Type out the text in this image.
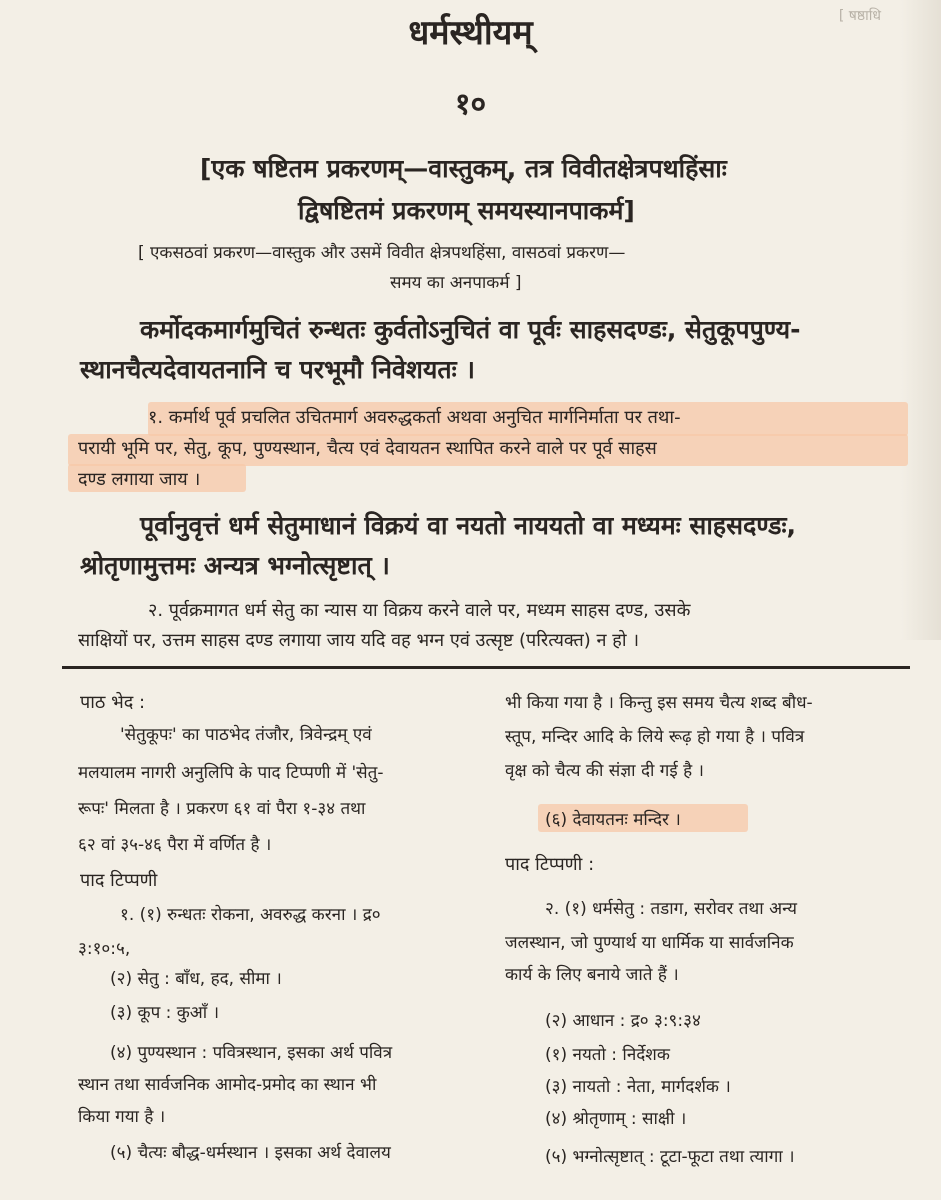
[ षष्ठाधि
धर्मस्थीयम्
१०
[एक षष्टितम प्रकरणम्—वास्तुकम्, तत्र विवीतक्षेत्रपथहिंसाः
द्विषष्टितमं प्रकरणम् समयस्यानपाकर्म]
[ एकसठवां प्रकरण—वास्तुक और उसमें विवीत क्षेत्रपथहिंसा, वासठवां प्रकरण—
समय का अनपाकर्म ]
कर्मोदकमार्गमुचितं रुन्धतः कुर्वतोऽनुचितं वा पूर्वः साहसदण्डः, सेतुकूपपुण्य-
स्थानचैत्यदेवायतनानि च परभूमौ निवेशयतः ।
१. कर्मार्थ पूर्व प्रचलित उचितमार्ग अवरुद्धकर्ता अथवा अनुचित मार्गनिर्माता पर तथा-
परायी भूमि पर, सेतु, कूप, पुण्यस्थान, चैत्य एवं देवायतन स्थापित करने वाले पर पूर्व साहस
दण्ड लगाया जाय ।
पूर्वानुवृत्तं धर्म सेतुमाधानं विक्रयं वा नयतो नाययतो वा मध्यमः साहसदण्डः,
श्रोतृणामुत्तमः अन्यत्र भग्नोत्सृष्टात् ।
२. पूर्वक्रमागत धर्म सेतु का न्यास या विक्रय करने वाले पर, मध्यम साहस दण्ड, उसके
साक्षियों पर, उत्तम साहस दण्ड लगाया जाय यदि वह भग्न एवं उत्सृष्ट (परित्यक्त) न हो ।
पाठ भेद :
'सेतुकूपः' का पाठभेद तंजौर, त्रिवेन्द्रम् एवं
मलयालम नागरी अनुलिपि के पाद टिप्पणी में 'सेतु-
रूपः' मिलता है । प्रकरण ६१ वां पैरा १-३४ तथा
६२ वां ३५-४६ पैरा में वर्णित है ।
पाद टिप्पणी
१. (१) रुन्धतः रोकना, अवरुद्ध करना । द्र०
३:१०:५,
(२) सेतु : बाँध, हद, सीमा ।
(३) कूप : कुआँ ।
(४) पुण्यस्थान : पवित्रस्थान, इसका अर्थ पवित्र
स्थान तथा सार्वजनिक आमोद-प्रमोद का स्थान भी
किया गया है ।
(५) चैत्यः बौद्ध-धर्मस्थान । इसका अर्थ देवालय
भी किया गया है । किन्तु इस समय चैत्य शब्द बौध-
स्तूप, मन्दिर आदि के लिये रूढ़ हो गया है । पवित्र
वृक्ष को चैत्य की संज्ञा दी गई है ।
(६) देवायतनः मन्दिर ।
पाद टिप्पणी :
२. (१) धर्मसेतु : तडाग, सरोवर तथा अन्य
जलस्थान, जो पुण्यार्थ या धार्मिक या सार्वजनिक
कार्य के लिए बनाये जाते हैं ।
(२) आधान : द्र० ३:९:३४
(१) नयतो : निर्देशक
(३) नायतो : नेता, मार्गदर्शक ।
(४) श्रोतृणाम् : साक्षी ।
(५) भग्नोत्सृष्टात् : टूटा-फूटा तथा त्यागा ।
